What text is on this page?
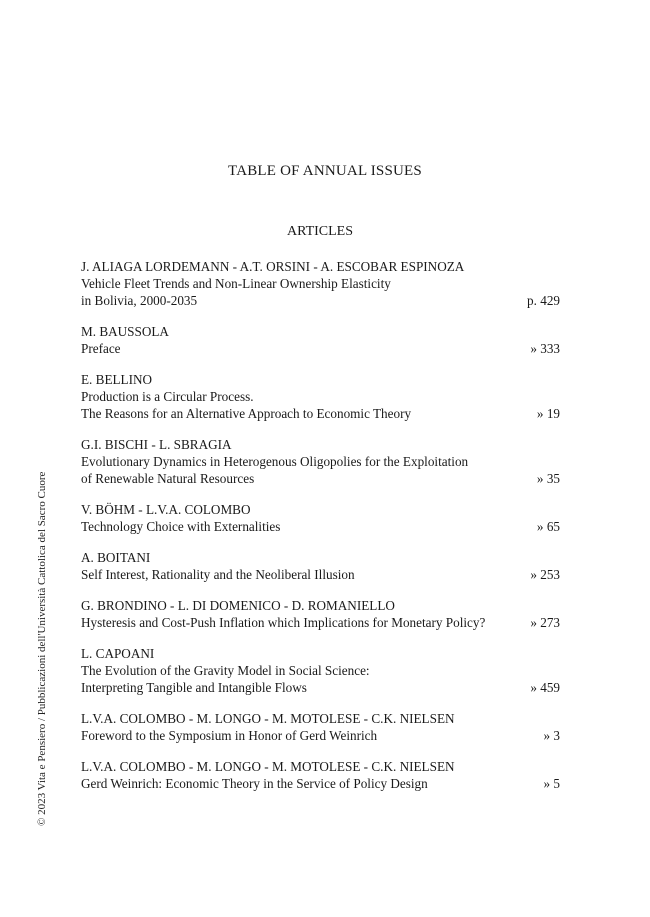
© 2023 Vita e Pensiero / Pubblicazioni dell'Università Cattolica del Sacro Cuore
TABLE OF ANNUAL ISSUES
ARTICLES
J. ALIAGA LORDEMANN - A.T. ORSINI - A. ESCOBAR ESPINOZA
Vehicle Fleet Trends and Non-Linear Ownership Elasticity
in Bolivia, 2000-2035	p. 429
M. BAUSSOLA
Preface	» 333
E. BELLINO
Production is a Circular Process.
The Reasons for an Alternative Approach to Economic Theory	» 19
G.I. BISCHI - L. SBRAGIA
Evolutionary Dynamics in Heterogenous Oligopolies for the Exploitation
of Renewable Natural Resources	» 35
V. BÖHM - L.V.A. COLOMBO
Technology Choice with Externalities	» 65
A. BOITANI
Self Interest, Rationality and the Neoliberal Illusion	» 253
G. BRONDINO - L. DI DOMENICO - D. ROMANIELLO
Hysteresis and Cost-Push Inflation which Implications for Monetary Policy?	» 273
L. CAPOANI
The Evolution of the Gravity Model in Social Science:
Interpreting Tangible and Intangible Flows	» 459
L.V.A. COLOMBO - M. LONGO - M. MOTOLESE - C.K. NIELSEN
Foreword to the Symposium in Honor of Gerd Weinrich	» 3
L.V.A. COLOMBO - M. LONGO - M. MOTOLESE - C.K. NIELSEN
Gerd Weinrich: Economic Theory in the Service of Policy Design	» 5
